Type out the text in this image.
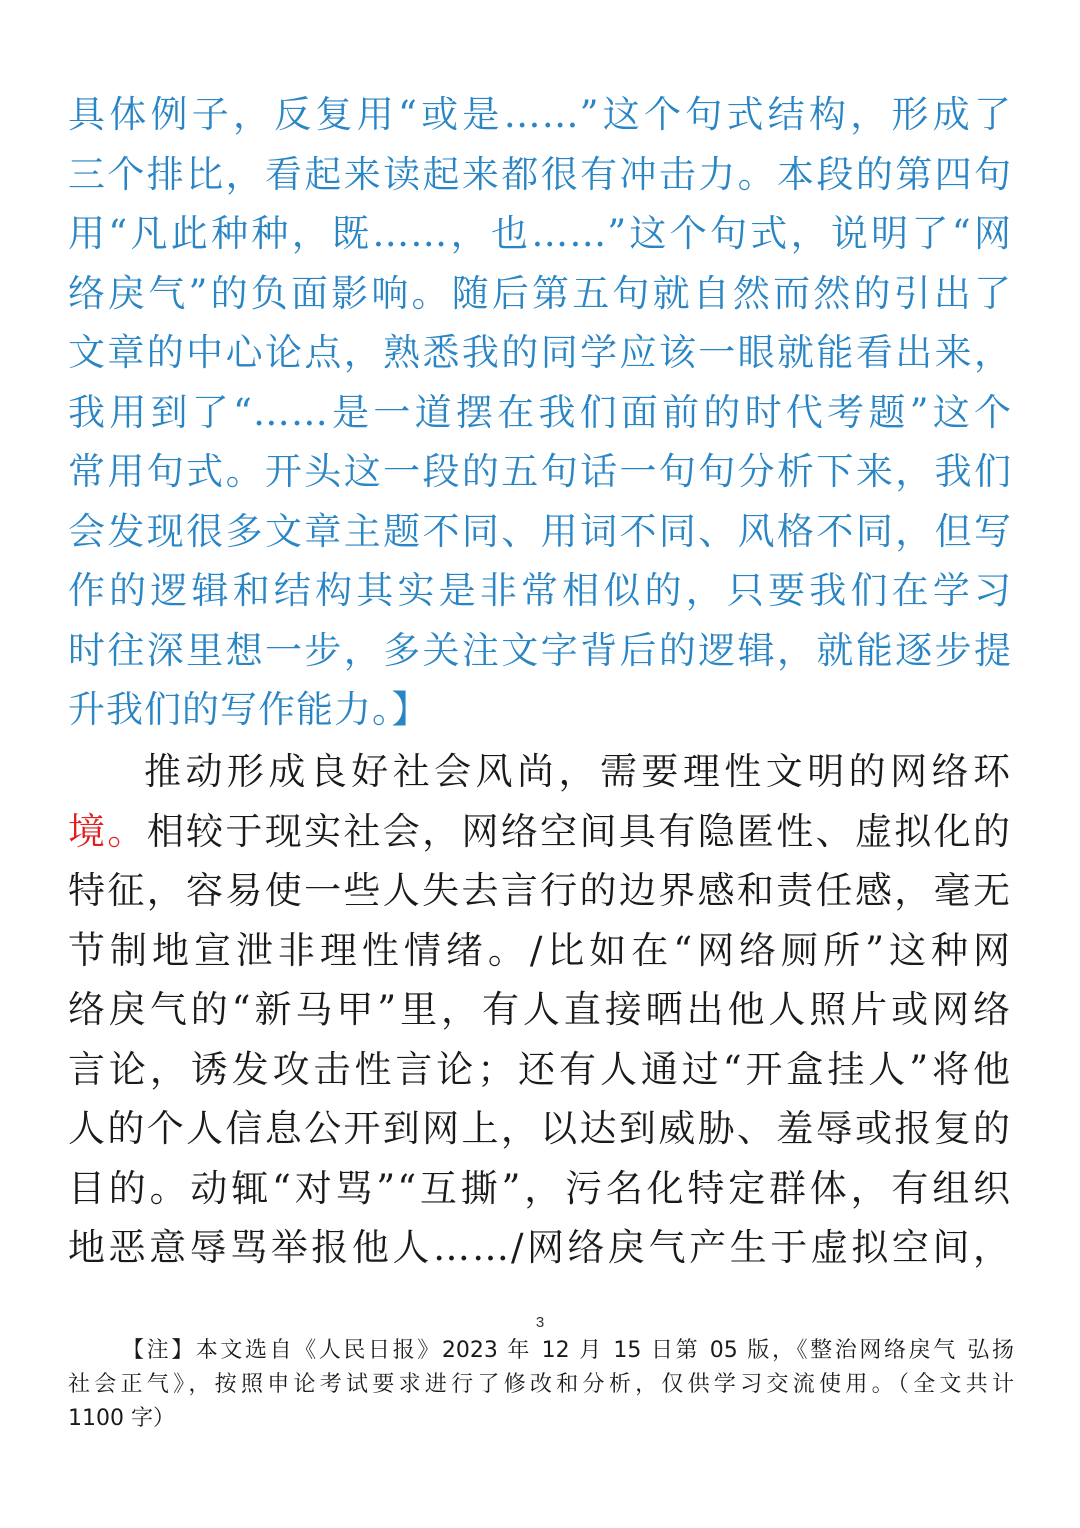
具体例子，反复用“或是……”这个句式结构，形成了
三个排比，看起来读起来都很有冲击力。本段的第四句
用“凡此种种，既……，也……”这个句式，说明了“网
络戾气”的负面影响。随后第五句就自然而然的引出了
文章的中心论点，熟悉我的同学应该一眼就能看出来，
我用到了“……是一道摆在我们面前的时代考题”这个
常用句式。开头这一段的五句话一句句分析下来，我们
会发现很多文章主题不同、用词不同、风格不同，但写
作的逻辑和结构其实是非常相似的，只要我们在学习
时往深里想一步，多关注文字背后的逻辑，就能逐步提
升我们的写作能力。】
推动形成良好社会风尚，需要理性文明的网络环
境。相较于现实社会，网络空间具有隐匿性、虚拟化的
特征，容易使一些人失去言行的边界感和责任感，毫无
节制地宣泄非理性情绪。/比如在“网络厕所”这种网
络戾气的“新马甲”里，有人直接晒出他人照片或网络
言论，诱发攻击性言论；还有人通过“开盒挂人”将他
人的个人信息公开到网上，以达到威胁、羞辱或报复的
目的。动辄“对骂”“互撕”，污名化特定群体，有组织
地恶意辱骂举报他人……/网络戾气产生于虚拟空间，

3

【注】本文选自《人民日报》2023 年 12 月 15 日第 05 版，《整治网络戾气 弘扬
社会正气》，按照申论考试要求进行了修改和分析，仅供学习交流使用。（全文共计
1100 字）
